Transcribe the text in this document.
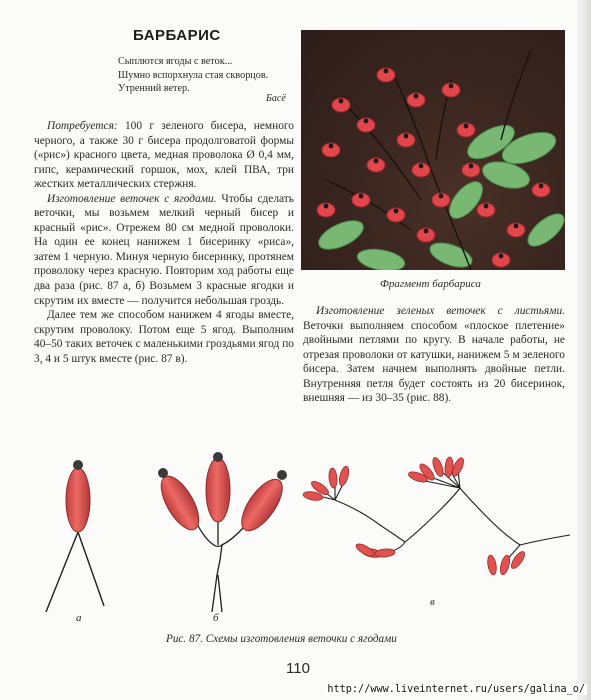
БАРБАРИС
Сыплются ягоды с веток...
Шумно вспорхнула стая скворцов.
Утренний ветер.
Басё

Потребуется: 100 г зеленого бисера, немного черного, а также 30 г бисера продолговатой формы («рис») красного цвета, медная проволока Ø 0,4 мм, гипс, керамический горшок, мох, клей ПВА, три жестких металлических стержня.

Изготовление веточек с ягодами. Чтобы сделать веточки, мы возьмем мелкий черный бисер и красный «рис». Отрежем 80 см медной проволоки. На один ее конец нанижем 1 бисеринку «риса», затем 1 черную. Минуя черную бисеринку, протянем проволоку через красную. Повторим ход работы еще два раза (рис. 87 а, б) Возьмем 3 красные ягодки и скрутим их вместе — получится небольшая гроздь.

Далее тем же способом нанижем 4 ягоды вместе, скрутим проволоку. Потом еще 5 ягод. Выполним 40–50 таких веточек с маленькими гроздьями ягод по 3, 4 и 5 штук вместе (рис. 87 в).

Фрагмент барбариса

Изготовление зеленых веточек с листьями. Веточки выполняем способом «плоское плетение» двойными петлями по кругу. В начале работы, не отрезая проволоки от катушки, нанижем 5 м зеленого бисера. Затем начнем выполнять двойные петли. Внутренняя петля будет состоять из 20 бисеринок, внешняя — из 30–35 (рис. 88).

а	б
в
Рис. 87. Схемы изготовления веточки с ягодами
110
http://www.liveinternet.ru/users/galina_o/
